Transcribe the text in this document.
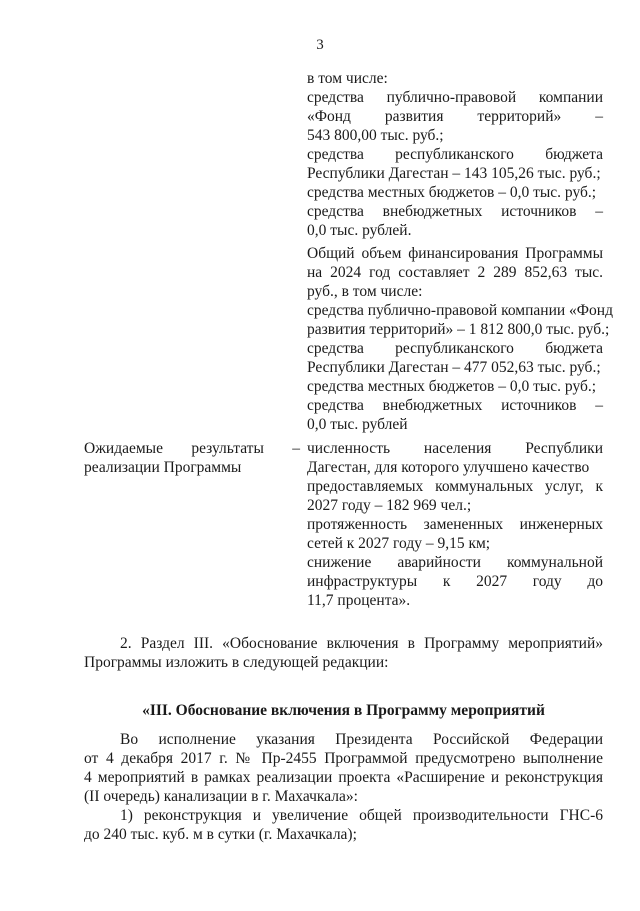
3
в том числе:
средства публично-правовой компании
«Фонд развития территорий» –
543 800,00 тыс. руб.;
средства республиканского бюджета
Республики Дагестан – 143 105,26 тыс. руб.;
средства местных бюджетов – 0,0 тыс. руб.;
средства внебюджетных источников –
0,0 тыс. рублей.
Общий объем финансирования Программы
на 2024 год составляет 2 289 852,63 тыс.
руб., в том числе:
средства публично-правовой компании «Фонд
развития территорий» – 1 812 800,0 тыс. руб.;
средства республиканского бюджета
Республики Дагестан – 477 052,63 тыс. руб.;
средства местных бюджетов – 0,0 тыс. руб.;
средства внебюджетных источников –
0,0 тыс. рублей
Ожидаемые результаты –
реализации Программы
численность населения Республики
Дагестан, для которого улучшено качество
предоставляемых коммунальных услуг, к
2027 году – 182 969 чел.;
протяженность замененных инженерных
сетей к 2027 году – 9,15 км;
снижение аварийности коммунальной
инфраструктуры к 2027 году до
11,7 процента».
2. Раздел III. «Обоснование включения в Программу мероприятий»
Программы изложить в следующей редакции:
«III. Обоснование включения в Программу мероприятий
Во исполнение указания Президента Российской Федерации
от 4 декабря 2017 г. № Пр-2455 Программой предусмотрено выполнение
4 мероприятий в рамках реализации проекта «Расширение и реконструкция
(II очередь) канализации в г. Махачкала»:
1) реконструкция и увеличение общей производительности ГНС-6
до 240 тыс. куб. м в сутки (г. Махачкала);
